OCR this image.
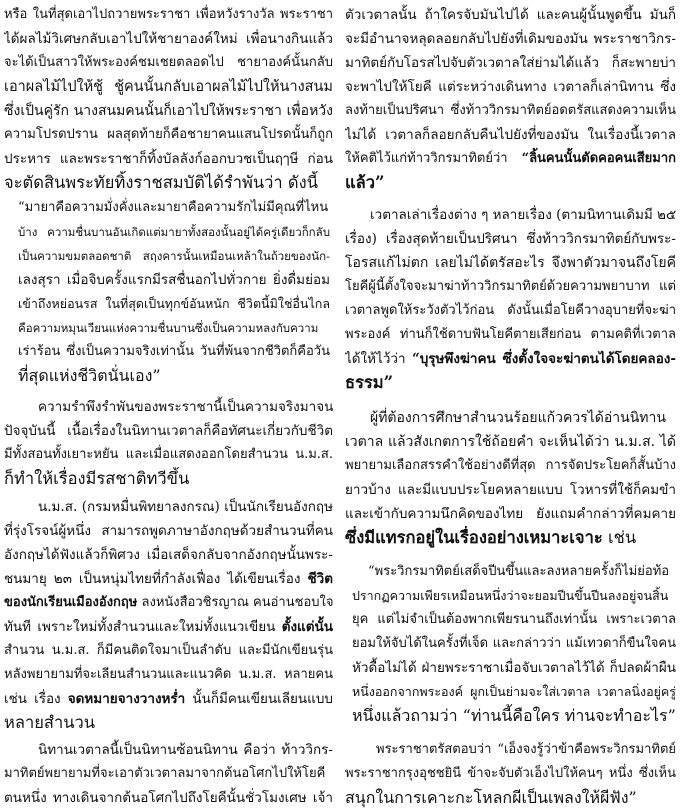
หรือ ในที่สุดเอาไปถวายพระราชา เพื่อหวังรางวัล พระราชา
ได้ผลไม้วิเศษกลับเอาไปให้ชายาองค์ใหม่ เพื่อนางกินแล้ว
จะได้เป็นสาวให้พระองค์ชมเชยตลอดไป ชายาองค์นั้นกลับ
เอาผลไม้ไปให้ชู้ ชู้คนนั้นกลับเอาผลไม้ไปให้นางสนม
ซึ่งเป็นคู่รัก นางสนมคนนั้นก็เอาไปให้พระราชา เพื่อหวัง
ความโปรดปราน ผลสุดท้ายก็คือชายาคนแสนโปรดนั้นก็ถูก
ประหาร และพระราชาก็ทิ้งบัลลังก์ออกบวชเป็นฤๅษี ก่อน
จะตัดสินพระทัยทิ้งราชสมบัติได้รำพันว่า ดังนี้
“มายาคือความมั่งคั่งและมายาคือความรักไม่มีคุณที่ไหน
บ้าง ความชื่นบานอันเกิดแต่มายาทั้งสองนั้นอยู่ได้ครู่เดียวก็กลับ
เป็นความขมตลอดชาติ สฤงคารนั้นเหมือนเหล้าในถ้วยของนัก-
เลงสุรา เมื่อจิบครั้งแรกมีรสชื่นอกไปทั่วกาย ยิ่งดื่มย่อม
เข้าถึงหย่อนรส ในที่สุดเป็นทุกข์อันหนัก ชีวิตนี้มิใช่อื่นไกล
คือความหมุนเวียนแห่งความชื่นบานซึ่งเป็นความหลงกับความ
เร่าร้อน ซึ่งเป็นความจริงเท่านั้น วันที่พ้นจากชีวิตก็คือวัน
ที่สุดแห่งชีวิตนั่นเอง”
ความรำพึงรำพันของพระราชานี้เป็นความจริงมาจน
ปัจจุบันนี้ เนื้อเรื่องในนิทานเวตาลก็คือทัศนะเกี่ยวกับชีวิต
มีทั้งสอนทั้งเยาะหยัน และเมื่อแสดงออกโดยสำนวน น.ม.ส.
ก็ทำให้เรื่องมีรสชาติทวีขึ้น
น.ม.ส. (กรมหมื่นพิทยาลงกรณ) เป็นนักเรียนอังกฤษ
ที่รุ่งโรจน์ผู้หนึ่ง สามารถพูดภาษาอังกฤษด้วยสำนวนที่คน
อังกฤษได้ฟังแล้วก็พิศวง เมื่อเสด็จกลับจากอังกฤษนั้นพระ-
ชนมายุ ๒๓ เป็นหนุ่มไทยที่กำลังเฟื่อง ได้เขียนเรื่อง ชีวิต
ของนักเรียนเมืองอังกฤษ ลงหนังสือวชิรญาณ คนอ่านชอบใจ
ทันที เพราะใหม่ทั้งสำนวนและใหม่ทั้งแนวเขียน ตั้งแต่นั้น
สำนวน น.ม.ส. ก็มีคนติดใจมาเป็นลำดับ และมีนักเขียนรุ่น
หลังพยายามที่จะเลียนสำนวนและแนวคิด น.ม.ส. หลายคน
เช่น เรื่อง จดหมายจางวางหร่ำ นั้นก็มีคนเขียนเลียนแบบ
หลายสำนวน
นิทานเวตาลนี้เป็นนิทานซ้อนนิทาน คือว่า ท้าววิกร-
มาทิตย์พยายามที่จะเอาตัวเวตาลมาจากต้นอโศกไปให้โยคี
ตนหนึ่ง ทางเดินจากต้นอโศกไปถึงโยคีนั้นชั่วโมงเศษ เจ้า
ตัวเวตาลนั้น ถ้าใครจับมันไปได้ และคนผู้นั้นพูดขึ้น มันก็
จะมีอำนาจหลุดลอยกลับไปยังที่เดิมของมัน พระราชาวิกร-
มาทิตย์กับโอรสไปจับตัวเวตาลใส่ย่ามได้แล้ว ก็สะพายบ่า
จะพาไปให้โยคี แต่ระหว่างเดินทาง เวตาลก็เล่านิทาน ซึ่ง
ลงท้ายเป็นปริศนา ซึ่งท้าววิกรมาทิตย์อดตรัสแสดงความเห็น
ไม่ได้ เวตาลก็ลอยกลับคืนไปยังที่ของมัน ในเรื่องนี้เวตาล
ให้คติไว้แก่ท้าววิกรมาทิตย์ว่า “ลิ้นคนนั้นตัดคอคนเสียมาก
แล้ว”
เวตาลเล่าเรื่องต่าง ๆ หลายเรื่อง (ตามนิทานเดิมมี ๒๕
เรื่อง) เรื่องสุดท้ายเป็นปริศนา ซึ่งท้าววิกรมาทิตย์กับพระ-
โอรสแก้ไม่ตก เลยไม่ได้ตรัสอะไร จึงพาตัวมาจนถึงโยคี
โยคีผู้นี้ตั้งใจจะมาฆ่าท้าววิกรมาทิตย์ด้วยความพยาบาท แต่
เวตาลพูดให้ระวังตัวไว้ก่อน ดังนั้นเมื่อโยคีวางอุบายที่จะฆ่า
พระองค์ ท่านก็ใช้ดาบฟันโยคีตายเสียก่อน ตามคติที่เวตาล
ได้ให้ไว้ว่า “บุรุษพึงฆ่าคน ซึ่งตั้งใจจะฆ่าตนได้โดยคลอง-
ธรรม”
ผู้ที่ต้องการศึกษาสำนวนร้อยแก้วควรได้อ่านนิทาน
เวตาล แล้วสังเกตการใช้ถ้อยคำ จะเห็นได้ว่า น.ม.ส. ได้
พยายามเลือกสรรคำใช้อย่างดีที่สุด การจัดประโยคก็สั้นบ้าง
ยาวบ้าง และมีแบบประโยคหลายแบบ โวหารที่ใช้ก็คมขำ
และเข้ากับความนึกคิดของไทย ยังแถมคำกล่าวที่คมคาย
ซึ่งมีแทรกอยู่ในเรื่องอย่างเหมาะเจาะ เช่น
“พระวิกรมาทิตย์เสด็จปีนขึ้นและลงหลายครั้งก็ไม่ย่อท้อ
ปรากฏความเพียรเหมือนหนึ่งว่าจะยอมปีนขึ้นปีนลงอยู่จนสิ้น
ยุค แต่ไม่จำเป็นต้องพากเพียรนานถึงเท่านั้น เพราะเวตาล
ยอมให้จับได้ในครั้งที่เจ็ด และกล่าวว่า แม้เทวดาก็ขืนใจคน
หัวดื้อไม่ได้ ฝ่ายพระราชาเมื่อจับเวตาลไว้ได้ ก็ปลดผ้าผืน
หนึ่งออกจากพระองค์ ผูกเป็นย่ามจะใส่เวตาล เวตาลนิ่งอยู่ครู่
หนึ่งแล้วถามว่า “ท่านนี้คือใคร ท่านจะทำอะไร”
พระราชาตรัสตอบว่า “เอ็งจงรู้ว่าข้าคือพระวิกรมาทิตย์
พระราชากรุงอุชชยินี ข้าจะจับตัวเอ็งไปให้คนๆ หนึ่ง ซึ่งเห็น
สนุกในการเคาะกะโหลกผีเป็นเพลงให้ผีฟัง”
